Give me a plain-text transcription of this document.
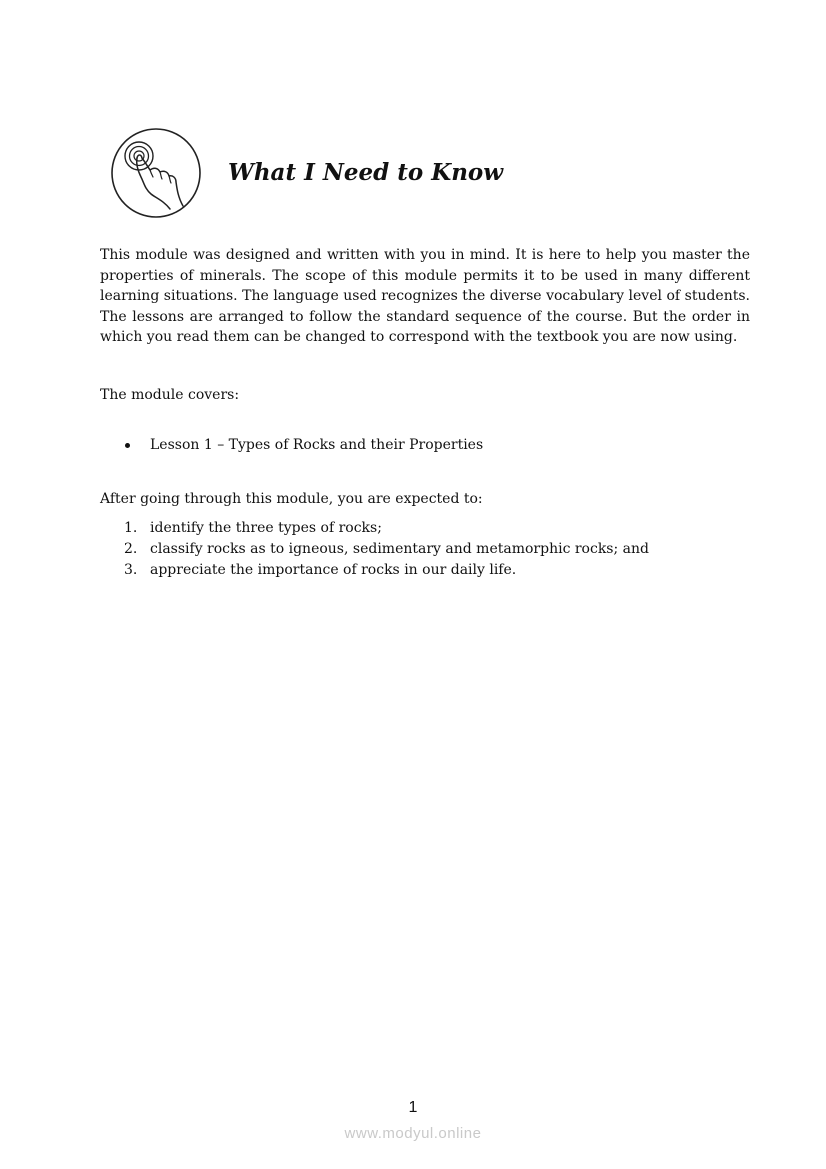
What I Need to Know

This module was designed and written with you in mind. It is here to help you master the properties of minerals. The scope of this module permits it to be used in many different learning situations. The language used recognizes the diverse vocabulary level of students. The lessons are arranged to follow the standard sequence of the course. But the order in which you read them can be changed to correspond with the textbook you are now using.

The module covers:

Lesson 1 – Types of Rocks and their Properties

After going through this module, you are expected to:

1. identify the three types of rocks;
2. classify rocks as to igneous, sedimentary and metamorphic rocks; and
3. appreciate the importance of rocks in our daily life.
1
www.modyul.online
